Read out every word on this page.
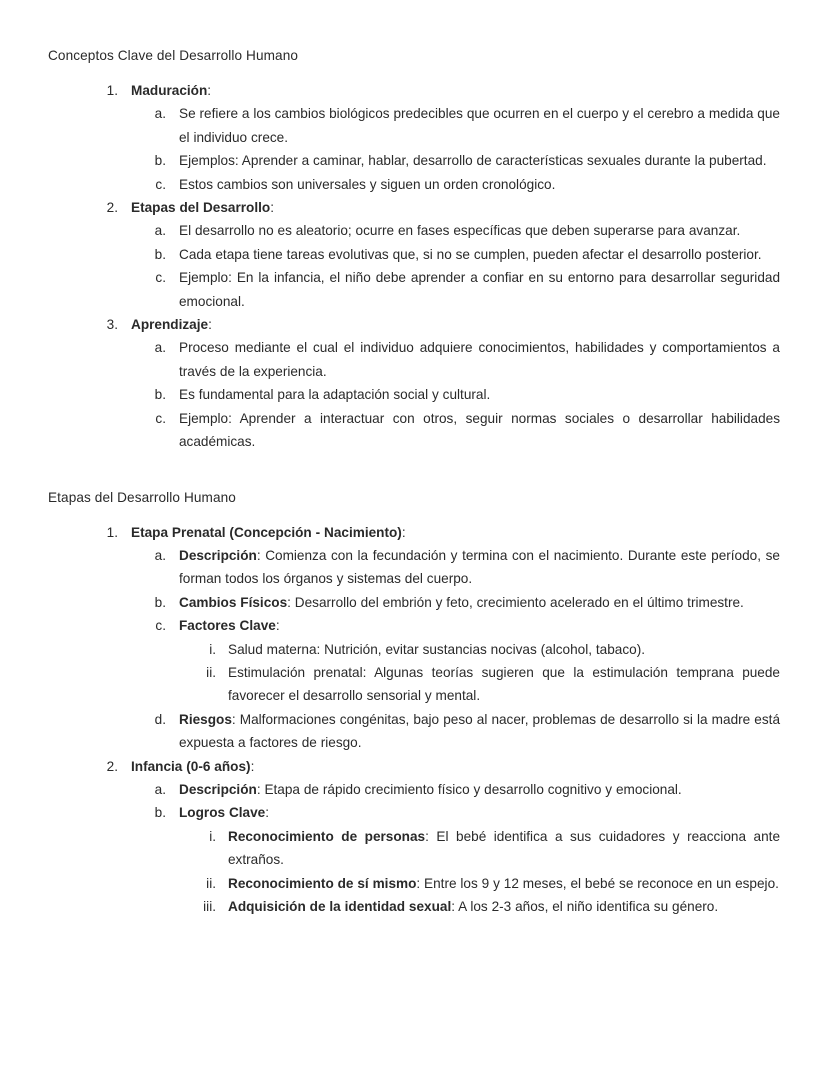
Conceptos Clave del Desarrollo Humano
1. Maduración:
a. Se refiere a los cambios biológicos predecibles que ocurren en el cuerpo y el cerebro a medida que el individuo crece.
b. Ejemplos: Aprender a caminar, hablar, desarrollo de características sexuales durante la pubertad.
c. Estos cambios son universales y siguen un orden cronológico.
2. Etapas del Desarrollo:
a. El desarrollo no es aleatorio; ocurre en fases específicas que deben superarse para avanzar.
b. Cada etapa tiene tareas evolutivas que, si no se cumplen, pueden afectar el desarrollo posterior.
c. Ejemplo: En la infancia, el niño debe aprender a confiar en su entorno para desarrollar seguridad emocional.
3. Aprendizaje:
a. Proceso mediante el cual el individuo adquiere conocimientos, habilidades y comportamientos a través de la experiencia.
b. Es fundamental para la adaptación social y cultural.
c. Ejemplo: Aprender a interactuar con otros, seguir normas sociales o desarrollar habilidades académicas.
Etapas del Desarrollo Humano
1. Etapa Prenatal (Concepción - Nacimiento):
a. Descripción: Comienza con la fecundación y termina con el nacimiento. Durante este período, se forman todos los órganos y sistemas del cuerpo.
b. Cambios Físicos: Desarrollo del embrión y feto, crecimiento acelerado en el último trimestre.
c. Factores Clave:
i. Salud materna: Nutrición, evitar sustancias nocivas (alcohol, tabaco).
ii. Estimulación prenatal: Algunas teorías sugieren que la estimulación temprana puede favorecer el desarrollo sensorial y mental.
d. Riesgos: Malformaciones congénitas, bajo peso al nacer, problemas de desarrollo si la madre está expuesta a factores de riesgo.
2. Infancia (0-6 años):
a. Descripción: Etapa de rápido crecimiento físico y desarrollo cognitivo y emocional.
b. Logros Clave:
i. Reconocimiento de personas: El bebé identifica a sus cuidadores y reacciona ante extraños.
ii. Reconocimiento de sí mismo: Entre los 9 y 12 meses, el bebé se reconoce en un espejo.
iii. Adquisición de la identidad sexual: A los 2-3 años, el niño identifica su género.
